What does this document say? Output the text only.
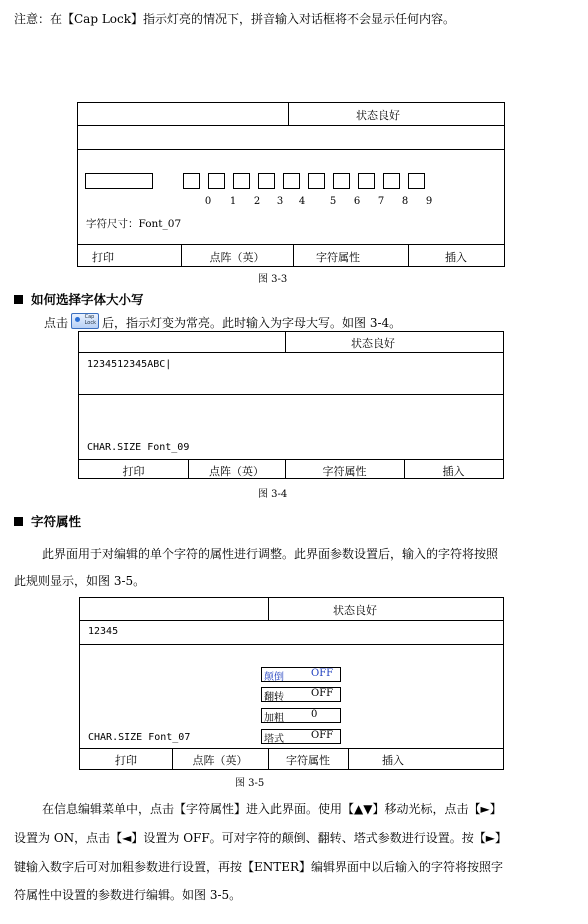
注意：在【Cap Lock】指示灯亮的情况下，拼音输入对话框将不会显示任何内容。
状态良好
0	1	2	3	4	5	6	7	8	9
字符尺寸：Font_07
打印	点阵（英）	字符属性	插入
图 3-3
如何选择字体大小写
点击	Cap
Lock 后，指示灯变为常亮。此时输入为字母大写。如图 3-4。
状态良好
1234512345ABC|
CHAR.SIZE Font_09
打印	点阵（英）	字符属性	插入
图 3-4
字符属性
此界面用于对编辑的单个字符的属性进行调整。此界面参数设置后，输入的字符将按照
此规则显示，如图 3-5。
状态良好
12345
颠倒	OFF
翻转	OFF
加粗	0
塔式	OFF
CHAR.SIZE Font_07
打印	点阵（英）	字符属性	插入
图 3-5
在信息编辑菜单中，点击【字符属性】进入此界面。使用【▲▼】移动光标，点击【►】
设置为 ON，点击【◄】设置为 OFF。可对字符的颠倒、翻转、塔式参数进行设置。按【►】
键输入数字后可对加粗参数进行设置，再按【ENTER】编辑界面中以后输入的字符将按照字
符属性中设置的参数进行编辑。如图 3-5。
